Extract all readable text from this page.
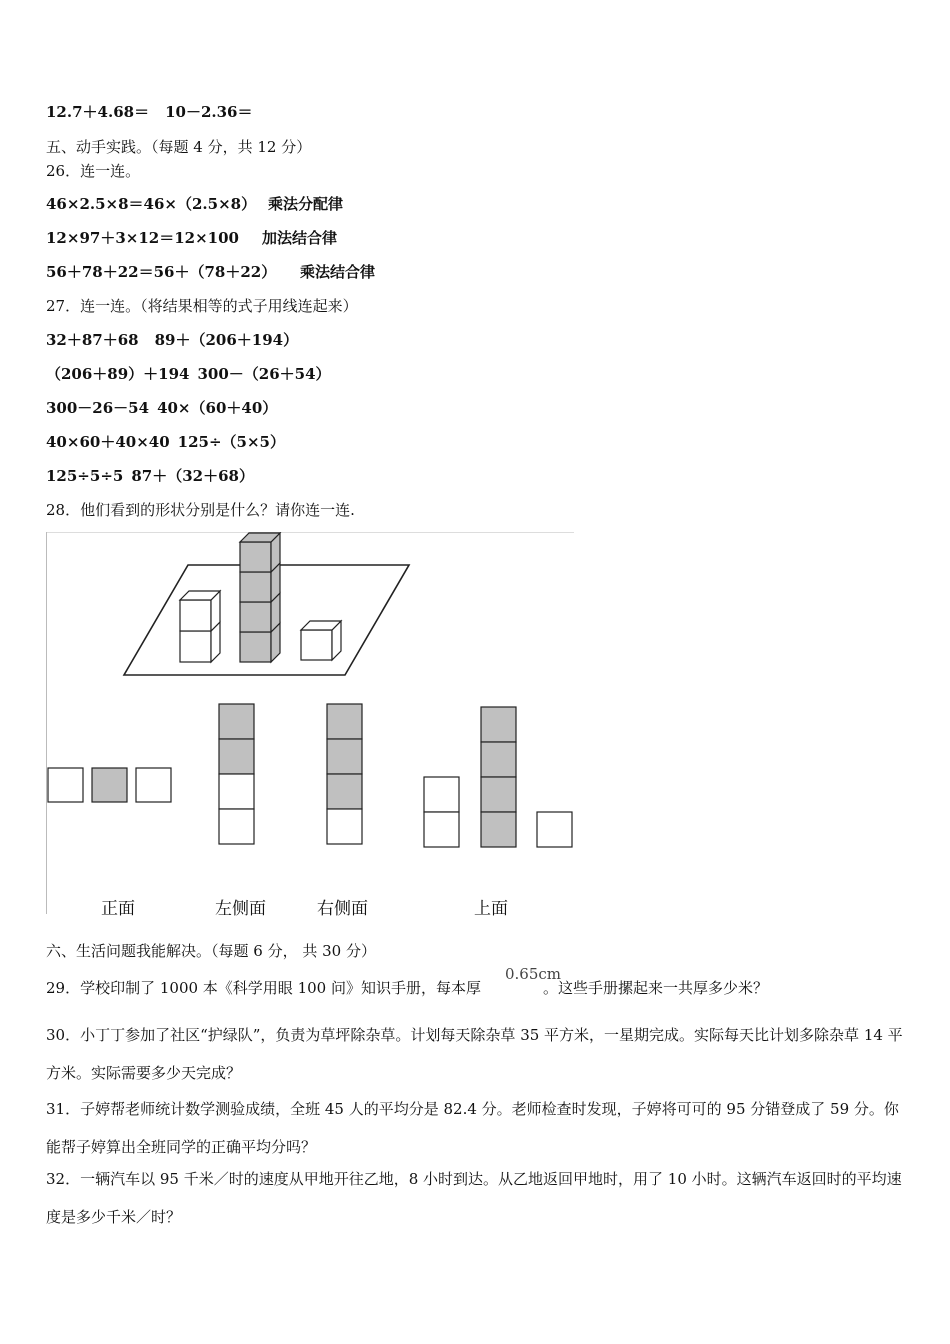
12.7＋4.68＝ 10－2.36＝
五、动手实践。（每题 4 分，共 12 分）
26．连一连。
46×2.5×8＝46×（2.5×8） 乘法分配律
12×97＋3×12＝12×100 加法结合律
56＋78＋22＝56＋（78＋22） 乘法结合律
27．连一连。（将结果相等的式子用线连起来）
32＋87＋68 89＋（206＋194）
（206＋89）＋194 300－（26＋54）
300－26－54 40×（60＋40）
40×60＋40×40 125÷（5×5）
125÷5÷5 87＋（32＋68）
28．他们看到的形状分别是什么？请你连一连.
正面	左侧面	右侧面	上面
六、生活问题我能解决。（每题 6 分， 共 30 分）
29．学校印制了 1000 本《科学用眼 100 问》知识手册，每本厚	。这些手册摞起来一共厚多少米？
0.65cm
30．小丁丁参加了社区“护绿队”，负责为草坪除杂草。计划每天除杂草 35 平方米，一星期完成。实际每天比计划多除杂草 14 平方米。实际需要多少天完成？
31．子婷帮老师统计数学测验成绩，全班 45 人的平均分是 82.4 分。老师检查时发现，子婷将可可的 95 分错登成了 59 分。你能帮子婷算出全班同学的正确平均分吗？
32．一辆汽车以 95 千米／时的速度从甲地开往乙地，8 小时到达。从乙地返回甲地时，用了 10 小时。这辆汽车返回时的平均速度是多少千米／时？
